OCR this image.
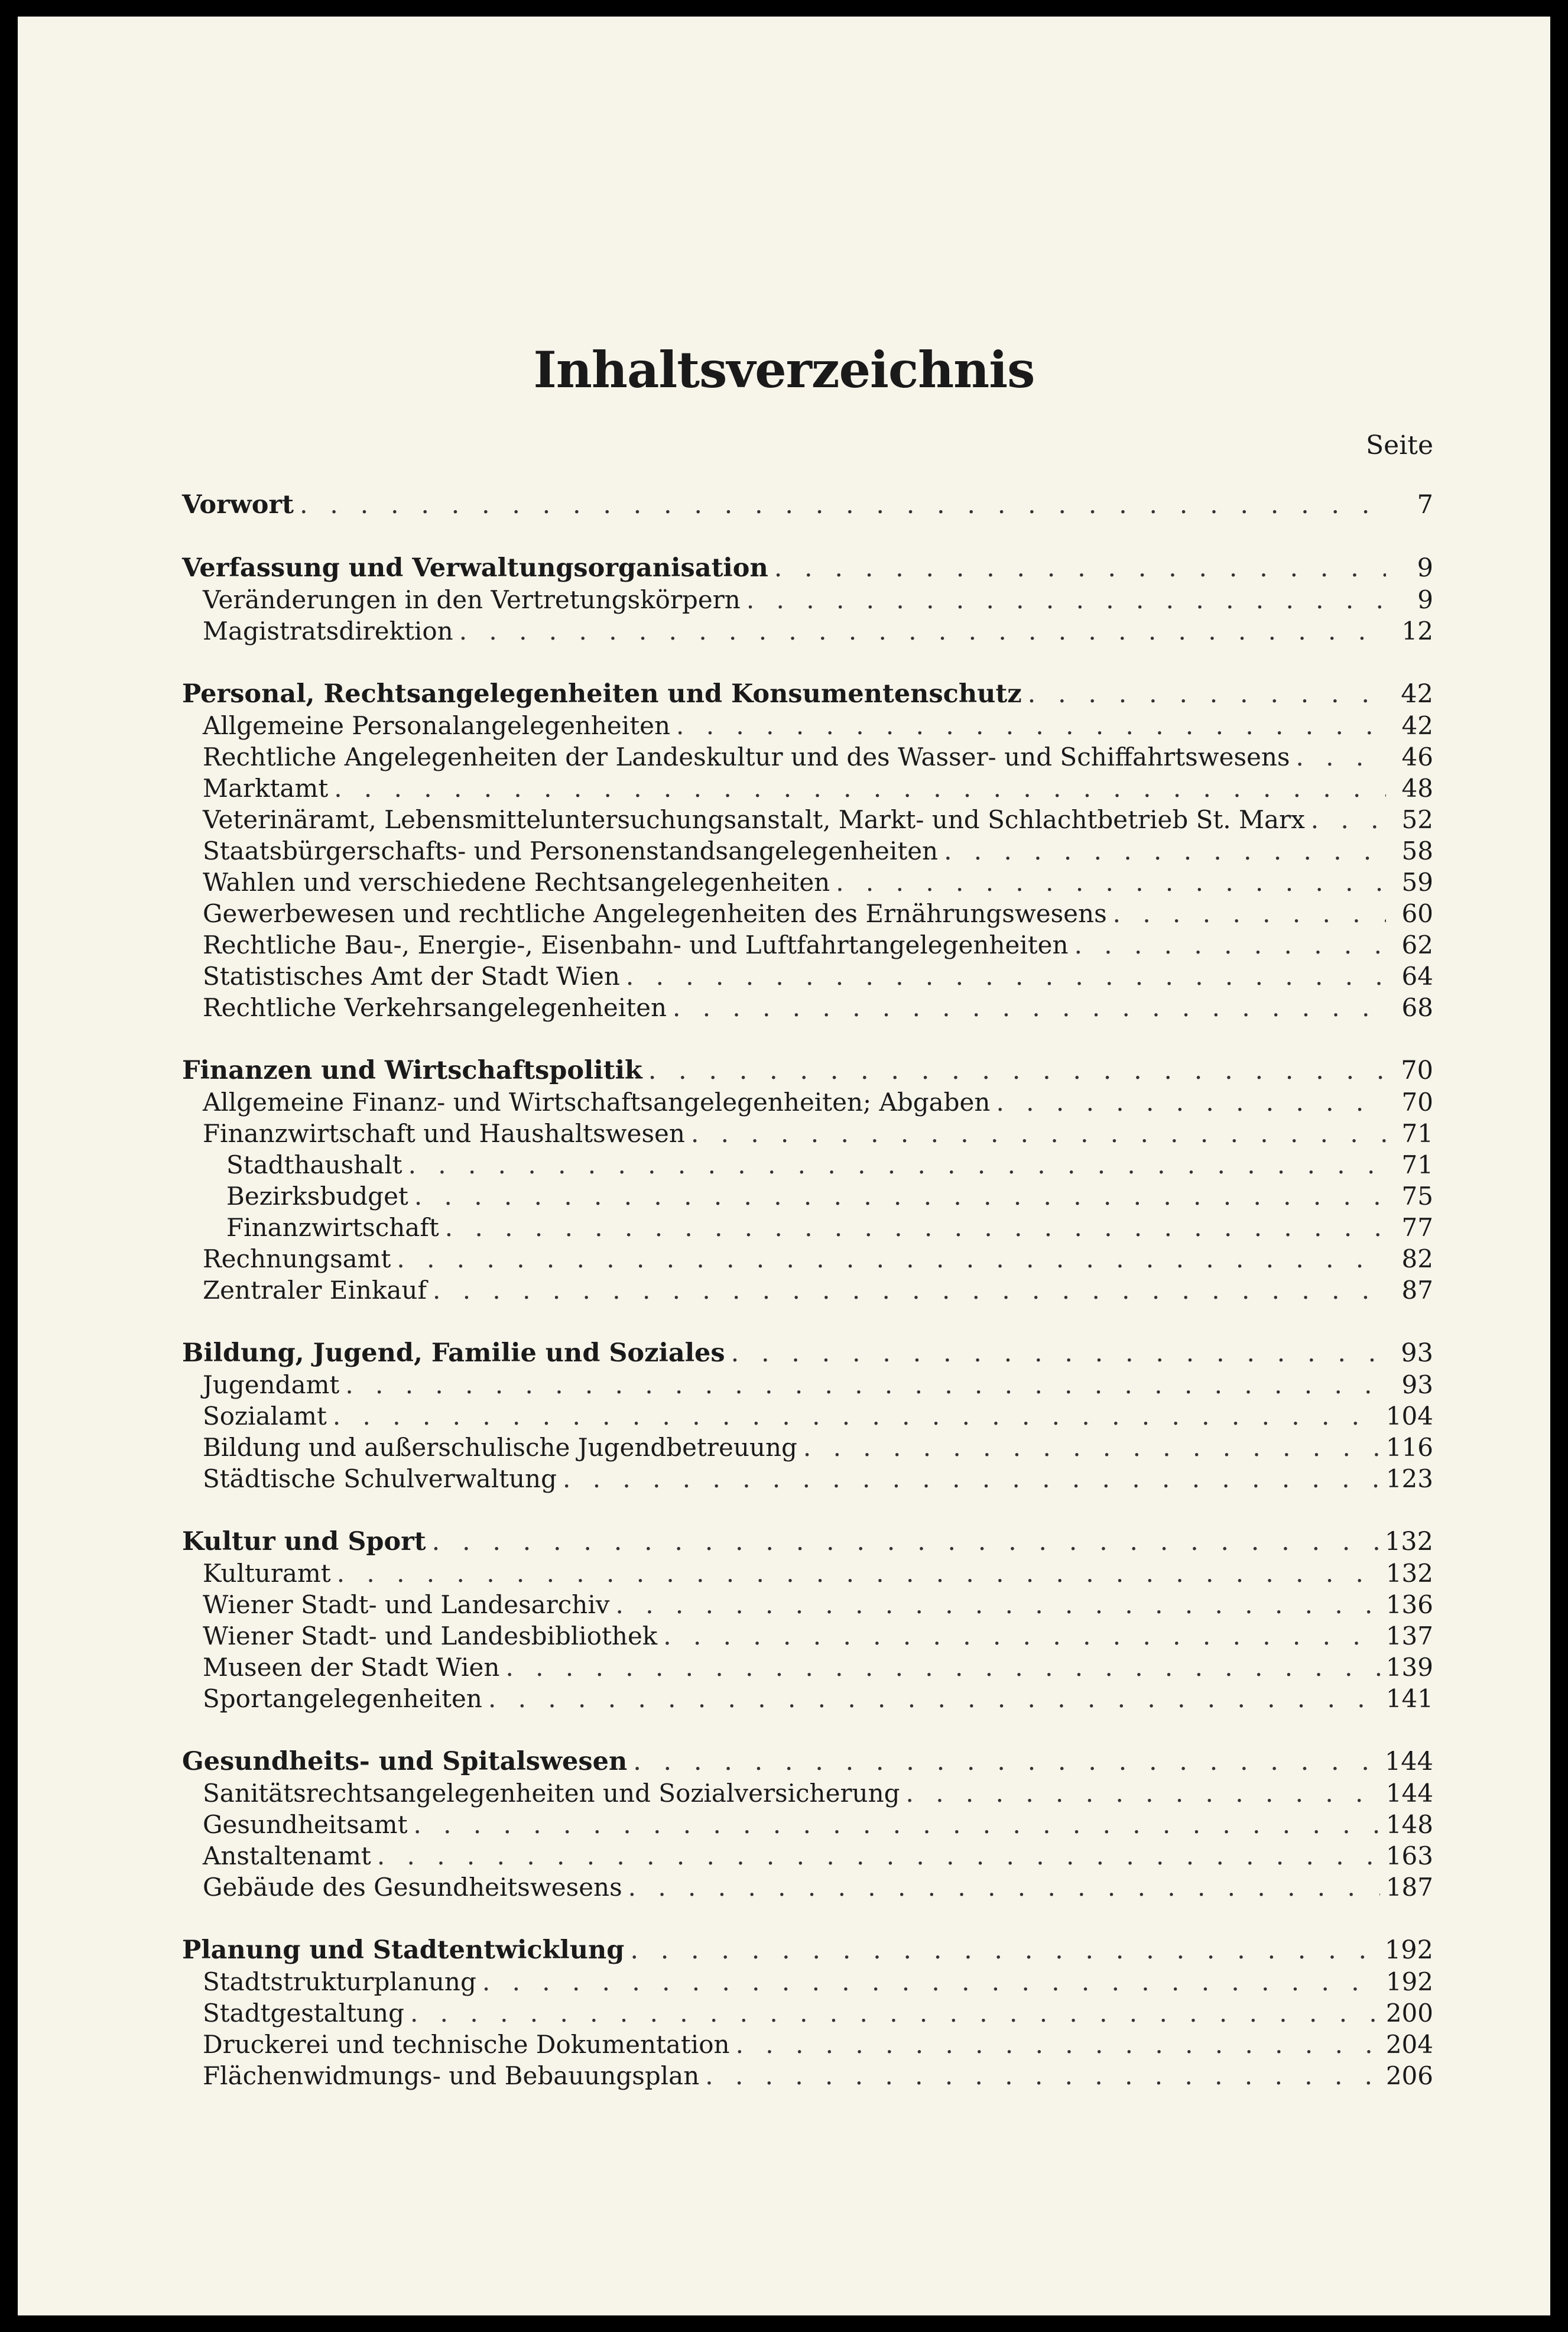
Inhaltsverzeichnis
Seite
Vorwort . . .	7
Verfassung und Verwaltungsorganisation . . .	9
Veränderungen in den Vertretungskörpern . . .	9
Magistratsdirektion . . .	12
Personal, Rechtsangelegenheiten und Konsumentenschutz . . .	42
Allgemeine Personalangelegenheiten . . .	42
Rechtliche Angelegenheiten der Landeskultur und des Wasser- und Schiffahrtswesens . . .	46
Marktamt . . .	48
Veterinäramt, Lebensmitteluntersuchungsanstalt, Markt- und Schlachtbetrieb St. Marx . . .	52
Staatsbürgerschafts- und Personenstandsangelegenheiten . . .	58
Wahlen und verschiedene Rechtsangelegenheiten . . .	59
Gewerbewesen und rechtliche Angelegenheiten des Ernährungswesens . . .	60
Rechtliche Bau-, Energie-, Eisenbahn- und Luftfahrtangelegenheiten . . .	62
Statistisches Amt der Stadt Wien . . .	64
Rechtliche Verkehrsangelegenheiten . . .	68
Finanzen und Wirtschaftspolitik . . .	70
Allgemeine Finanz- und Wirtschaftsangelegenheiten; Abgaben . . .	70
Finanzwirtschaft und Haushaltswesen . . .	71
Stadthaushalt . . .	71
Bezirksbudget . . .	75
Finanzwirtschaft . . .	77
Rechnungsamt . . .	82
Zentraler Einkauf . . .	87
Bildung, Jugend, Familie und Soziales . . .	93
Jugendamt . . .	93
Sozialamt . . .	104
Bildung und außerschulische Jugendbetreuung . . .	116
Städtische Schulverwaltung . . .	123
Kultur und Sport . . .	132
Kulturamt . . .	132
Wiener Stadt- und Landesarchiv . . .	136
Wiener Stadt- und Landesbibliothek . . .	137
Museen der Stadt Wien . . .	139
Sportangelegenheiten . . .	141
Gesundheits- und Spitalswesen . . .	144
Sanitätsrechtsangelegenheiten und Sozialversicherung . . .	144
Gesundheitsamt . . .	148
Anstaltenamt . . .	163
Gebäude des Gesundheitswesens . . .	187
Planung und Stadtentwicklung . . .	192
Stadtstrukturplanung . . .	192
Stadtgestaltung . . .	200
Druckerei und technische Dokumentation . . .	204
Flächenwidmungs- und Bebauungsplan . . .	206
